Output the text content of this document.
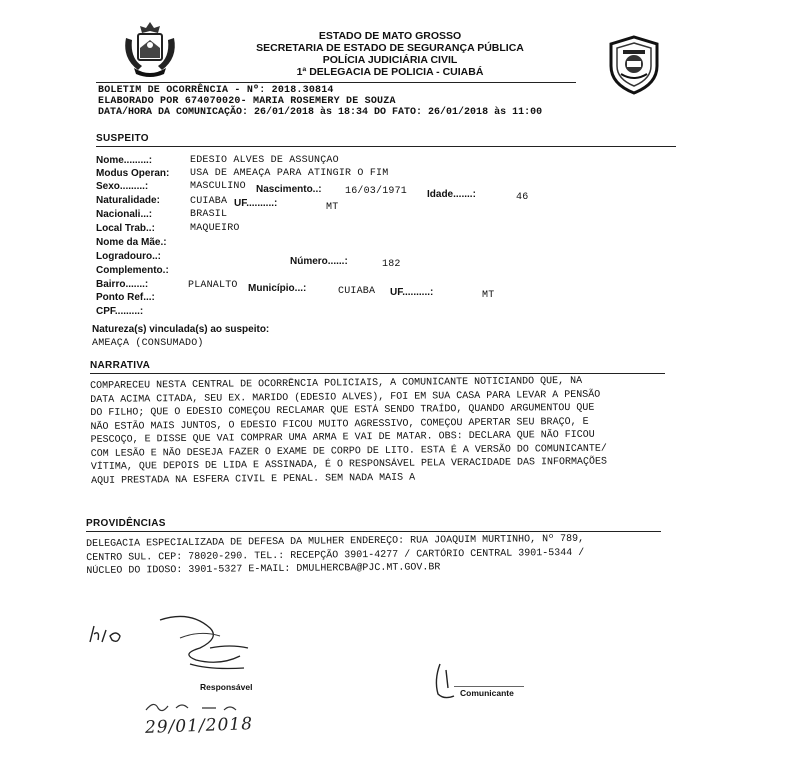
ESTADO DE MATO GROSSO
SECRETARIA DE ESTADO DE SEGURANÇA PÚBLICA
POLÍCIA JUDICIÁRIA CIVIL
1ª DELEGACIA DE POLICIA - CUIABÁ
BOLETIM DE OCORRÊNCIA - Nº: 2018.30814
ELABORADO POR 674070020- MARIA ROSEMERY DE SOUZA
DATA/HORA DA COMUNICAÇÃO: 26/01/2018 às 18:34 DO FATO: 26/01/2018 às 11:00
SUSPEITO
Nome.........:	EDESIO ALVES DE ASSUNÇAO
Modus Operan: USA DE AMEAÇA PARA ATINGIR O FIM
Sexo.........:	MASCULINO Nascimento..: 16/03/1971 Idade.......:	46
Naturalidade:	CUIABA UF..........:	MT
Nacionali...:	BRASIL
Local Trab..:	MAQUEIRO
Nome da Mãe.:
Logradouro..:	Número......:	182
Complemento.:
Bairro.......:	PLANALTO Município...:	CUIABA UF..........:	MT
Ponto Ref...:
CPF.........:
Natureza(s) vinculada(s) ao suspeito:
AMEAÇA (CONSUMADO)
NARRATIVA
COMPARECEU NESTA CENTRAL DE OCORRÊNCIA POLICIAIS, A COMUNICANTE NOTICIANDO QUE, NA
DATA ACIMA CITADA, SEU EX. MARIDO (EDESIO ALVES), FOI EM SUA CASA PARA LEVAR A PENSÃO
DO FILHO; QUE O EDESIO COMEÇOU RECLAMAR QUE ESTÁ SENDO TRAÍDO, QUANDO ARGUMENTOU QUE
NÃO ESTÃO MAIS JUNTOS, O EDESIO FICOU MUITO AGRESSIVO, COMEÇOU APERTAR SEU BRAÇO, E
PESCOÇO, E DISSE QUE VAI COMPRAR UMA ARMA E VAI DE MATAR. OBS: DECLARA QUE NÃO FICOU
COM LESÃO E NÃO DESEJA FAZER O EXAME DE CORPO DE LITO. ESTA É A VERSÃO DO COMUNICANTE/
VÍTIMA, QUE DEPOIS DE LIDA E ASSINADA, É O RESPONSÁVEL PELA VERACIDADE DAS INFORMAÇÕES
AQUI PRESTADA NA ESFERA CIVIL E PENAL. SEM NADA MAIS A
PROVIDÊNCIAS
DELEGACIA ESPECIALIZADA DE DEFESA DA MULHER ENDEREÇO: RUA JOAQUIM MURTINHO, Nº 789,
CENTRO SUL. CEP: 78020-290. TEL.: RECEPÇÃO 3901-4277 / CARTÓRIO CENTRAL 3901-5344 /
NÚCLEO DO IDOSO: 3901-5327 E-MAIL: DMULHERCBA@PJC.MT.GOV.BR
Responsável
Comunicante
29/01/2018
